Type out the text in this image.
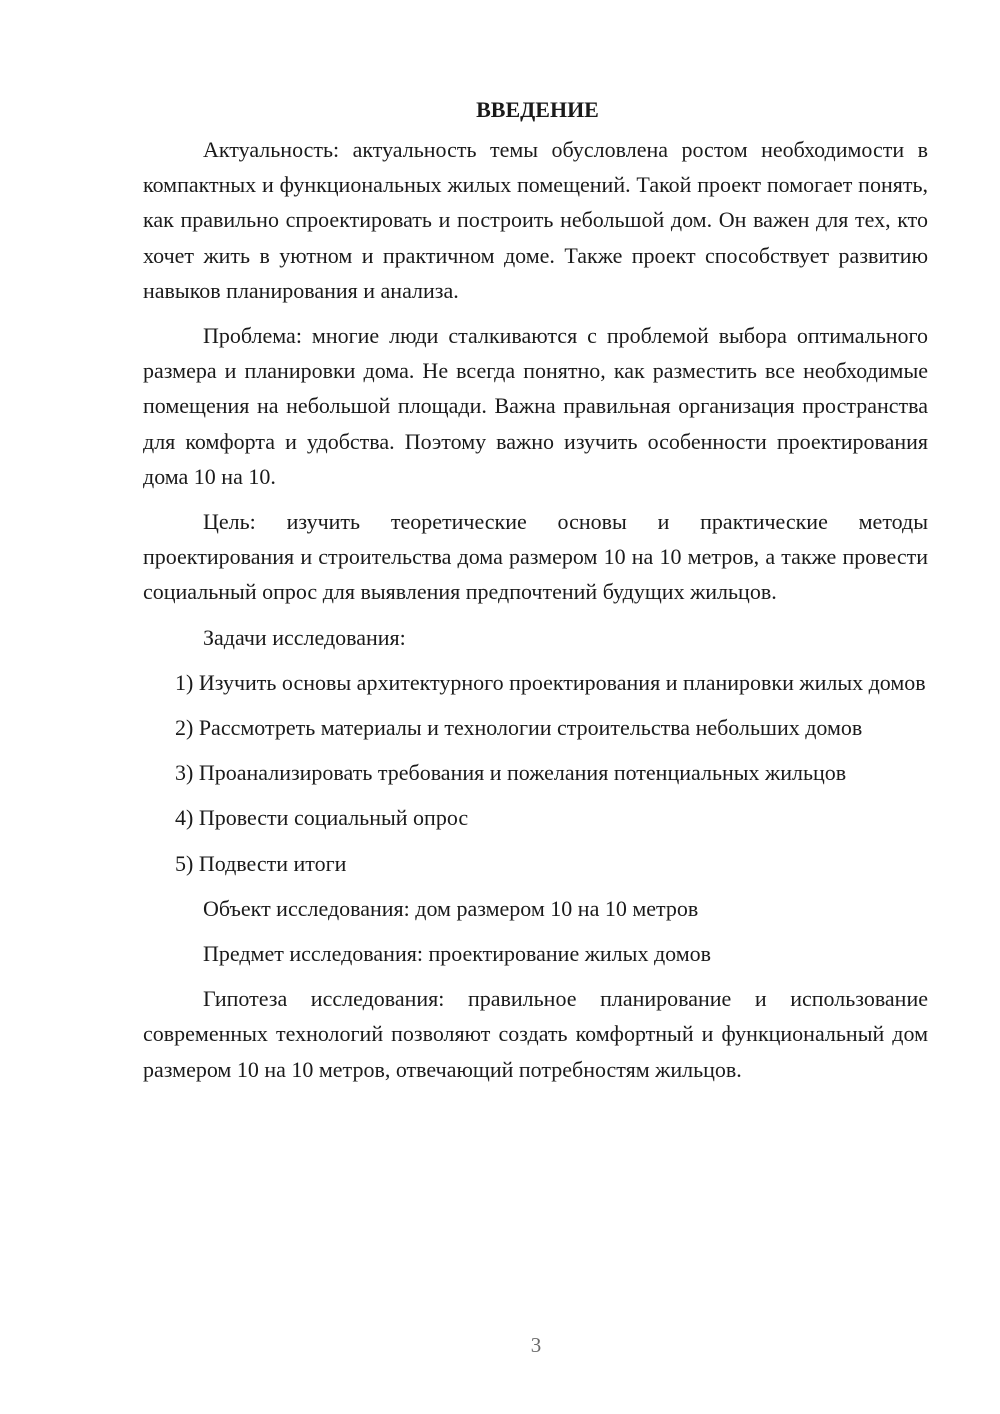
ВВЕДЕНИЕ

Актуальность: актуальность темы обусловлена ростом необходимости в компактных и функциональных жилых помещений. Такой проект помогает понять, как правильно спроектировать и построить небольшой дом. Он важен для тех, кто хочет жить в уютном и практичном доме. Также проект способствует развитию навыков планирования и анализа.

Проблема: многие люди сталкиваются с проблемой выбора оптимального размера и планировки дома. Не всегда понятно, как разместить все необходимые помещения на небольшой площади. Важна правильная организация пространства для комфорта и удобства. Поэтому важно изучить особенности проектирования дома 10 на 10.

Цель: изучить теоретические основы и практические методы проектирования и строительства дома размером 10 на 10 метров, а также провести социальный опрос для выявления предпочтений будущих жильцов.

Задачи исследования:

1) Изучить основы архитектурного проектирования и планировки жилых домов

2) Рассмотреть материалы и технологии строительства небольших домов

3) Проанализировать требования и пожелания потенциальных жильцов

4) Провести социальный опрос

5) Подвести итоги

Объект исследования: дом размером 10 на 10 метров

Предмет исследования: проектирование жилых домов

Гипотеза исследования: правильное планирование и использование современных технологий позволяют создать комфортный и функциональный дом размером 10 на 10 метров, отвечающий потребностям жильцов.

3
